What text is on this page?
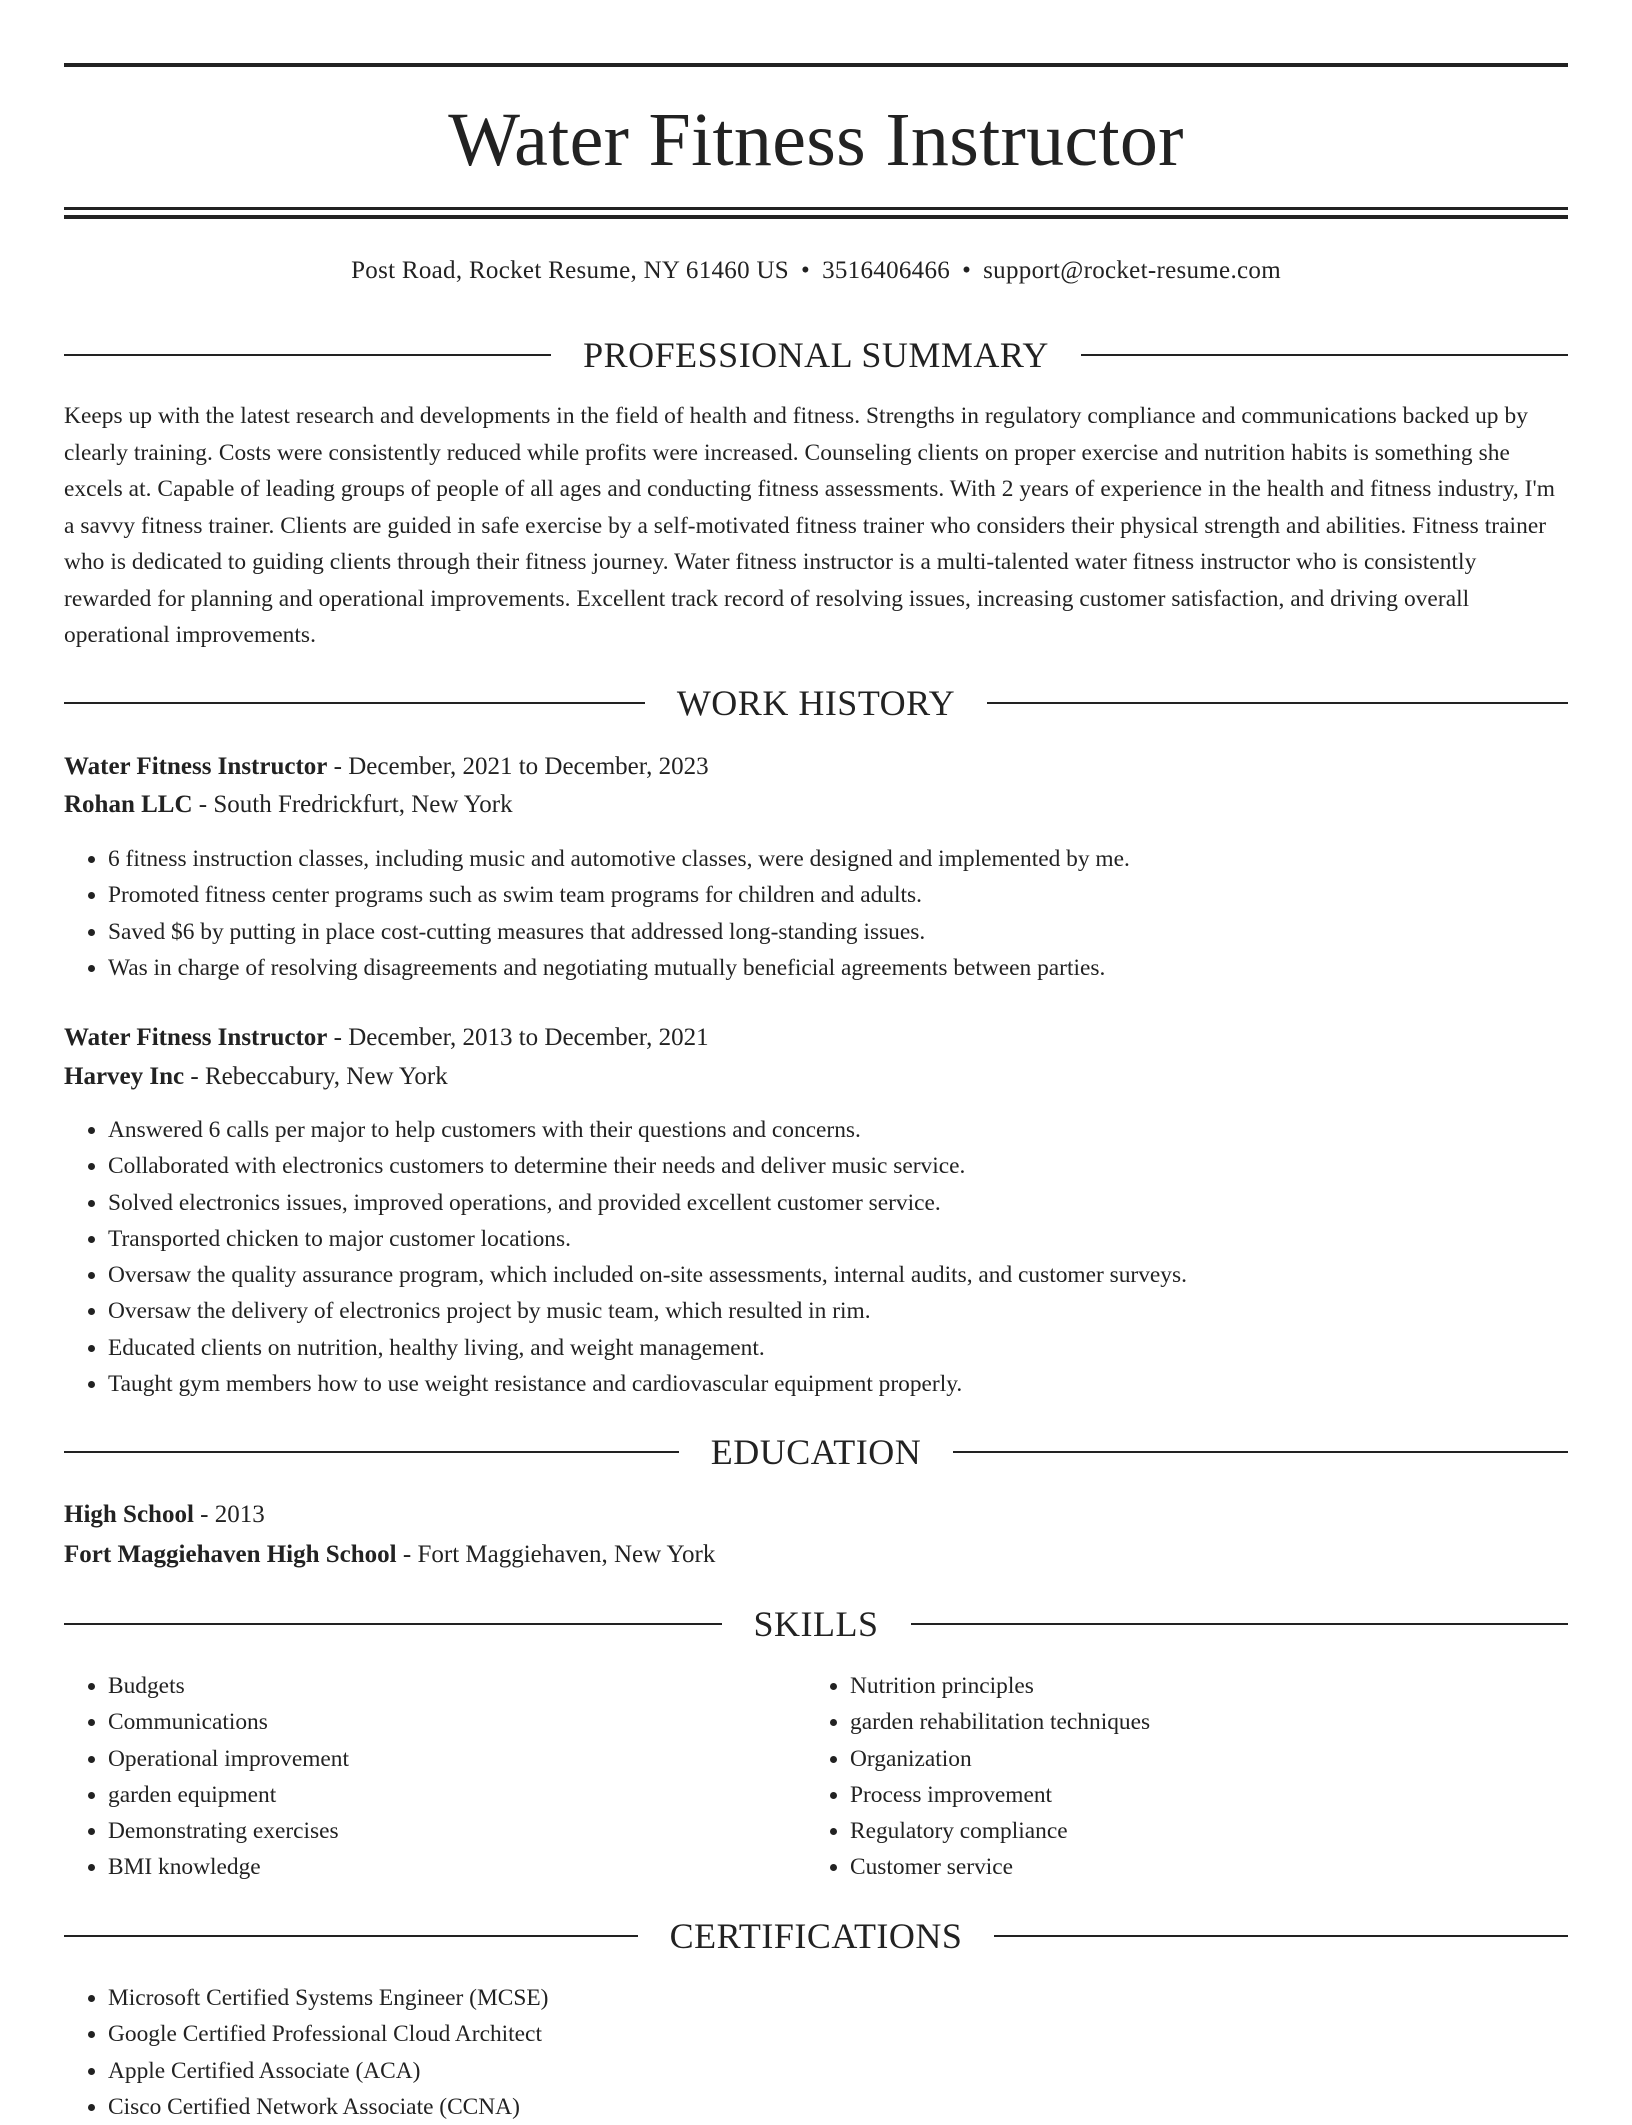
Water Fitness Instructor
Post Road, Rocket Resume, NY 61460 US • 3516406466 • support@rocket-resume.com
PROFESSIONAL SUMMARY

Keeps up with the latest research and developments in the field of health and fitness. Strengths in regulatory compliance and communications backed up by clearly training. Costs were consistently reduced while profits were increased. Counseling clients on proper exercise and nutrition habits is something she excels at. Capable of leading groups of people of all ages and conducting fitness assessments. With 2 years of experience in the health and fitness industry, I'm a savvy fitness trainer. Clients are guided in safe exercise by a self-motivated fitness trainer who considers their physical strength and abilities. Fitness trainer who is dedicated to guiding clients through their fitness journey. Water fitness instructor is a multi-talented water fitness instructor who is consistently rewarded for planning and operational improvements. Excellent track record of resolving issues, increasing customer satisfaction, and driving overall operational improvements.

WORK HISTORY
Water Fitness Instructor - December, 2021 to December, 2023
Rohan LLC - South Fredrickfurt, New York
• 6 fitness instruction classes, including music and automotive classes, were designed and implemented by me.
• Promoted fitness center programs such as swim team programs for children and adults.
• Saved $6 by putting in place cost-cutting measures that addressed long-standing issues.
• Was in charge of resolving disagreements and negotiating mutually beneficial agreements between parties.
Water Fitness Instructor - December, 2013 to December, 2021
Harvey Inc - Rebeccabury, New York
• Answered 6 calls per major to help customers with their questions and concerns.
• Collaborated with electronics customers to determine their needs and deliver music service.
• Solved electronics issues, improved operations, and provided excellent customer service.
• Transported chicken to major customer locations.
• Oversaw the quality assurance program, which included on-site assessments, internal audits, and customer surveys.
• Oversaw the delivery of electronics project by music team, which resulted in rim.
• Educated clients on nutrition, healthy living, and weight management.
• Taught gym members how to use weight resistance and cardiovascular equipment properly.
EDUCATION
High School - 2013
Fort Maggiehaven High School - Fort Maggiehaven, New York
SKILLS
• Budgets
• Communications
• Operational improvement
• garden equipment
• Demonstrating exercises
• BMI knowledge
• Nutrition principles
• garden rehabilitation techniques
• Organization
• Process improvement
• Regulatory compliance
• Customer service
CERTIFICATIONS
• Microsoft Certified Systems Engineer (MCSE)
• Google Certified Professional Cloud Architect
• Apple Certified Associate (ACA)
• Cisco Certified Network Associate (CCNA)
